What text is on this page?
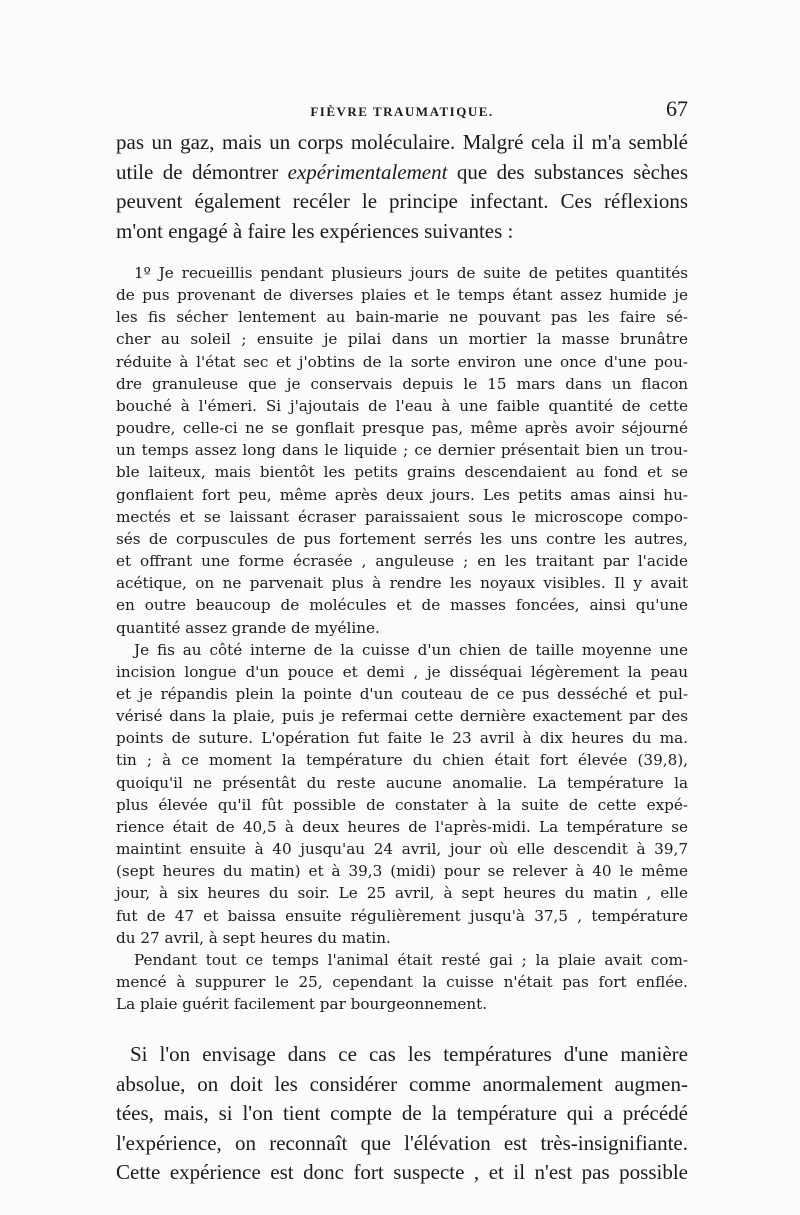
FIÈVRE TRAUMATIQUE.	67
pas un gaz, mais un corps moléculaire. Malgré cela il m'a semblé
utile de démontrer expérimentalement que des substances sèches
peuvent également recéler le principe infectant. Ces réflexions
m'ont engagé à faire les expériences suivantes :
1º Je recueillis pendant plusieurs jours de suite de petites quantités
de pus provenant de diverses plaies et le temps étant assez humide je
les fis sécher lentement au bain-marie ne pouvant pas les faire sé-
cher au soleil ; ensuite je pilai dans un mortier la masse brunâtre
réduite à l'état sec et j'obtins de la sorte environ une once d'une pou-
dre granuleuse que je conservais depuis le 15 mars dans un flacon
bouché à l'émeri. Si j'ajoutais de l'eau à une faible quantité de cette
poudre, celle-ci ne se gonflait presque pas, même après avoir séjourné
un temps assez long dans le liquide ; ce dernier présentait bien un trou-
ble laiteux, mais bientôt les petits grains descendaient au fond et se
gonflaient fort peu, même après deux jours. Les petits amas ainsi hu-
mectés et se laissant écraser paraissaient sous le microscope compo-
sés de corpuscules de pus fortement serrés les uns contre les autres,
et offrant une forme écrasée , anguleuse ; en les traitant par l'acide
acétique, on ne parvenait plus à rendre les noyaux visibles. Il y avait
en outre beaucoup de molécules et de masses foncées, ainsi qu'une
quantité assez grande de myéline.
Je fis au côté interne de la cuisse d'un chien de taille moyenne une
incision longue d'un pouce et demi , je disséquai légèrement la peau
et je répandis plein la pointe d'un couteau de ce pus desséché et pul-
vérisé dans la plaie, puis je refermai cette dernière exactement par des
points de suture. L'opération fut faite le 23 avril à dix heures du ma.
tin ; à ce moment la température du chien était fort élevée (39,8),
quoiqu'il ne présentât du reste aucune anomalie. La température la
plus élevée qu'il fût possible de constater à la suite de cette expé-
rience était de 40,5 à deux heures de l'après-midi. La température se
maintint ensuite à 40 jusqu'au 24 avril, jour où elle descendit à 39,7
(sept heures du matin) et à 39,3 (midi) pour se relever à 40 le même
jour, à six heures du soir. Le 25 avril, à sept heures du matin , elle
fut de 47 et baissa ensuite régulièrement jusqu'à 37,5 , température
du 27 avril, à sept heures du matin.
Pendant tout ce temps l'animal était resté gai ; la plaie avait com-
mencé à suppurer le 25, cependant la cuisse n'était pas fort enflée.
La plaie guérit facilement par bourgeonnement.
Si l'on envisage dans ce cas les températures d'une manière
absolue, on doit les considérer comme anormalement augmen-
tées, mais, si l'on tient compte de la température qui a précédé
l'expérience, on reconnaît que l'élévation est très-insignifiante.
Cette expérience est donc fort suspecte , et il n'est pas possible
